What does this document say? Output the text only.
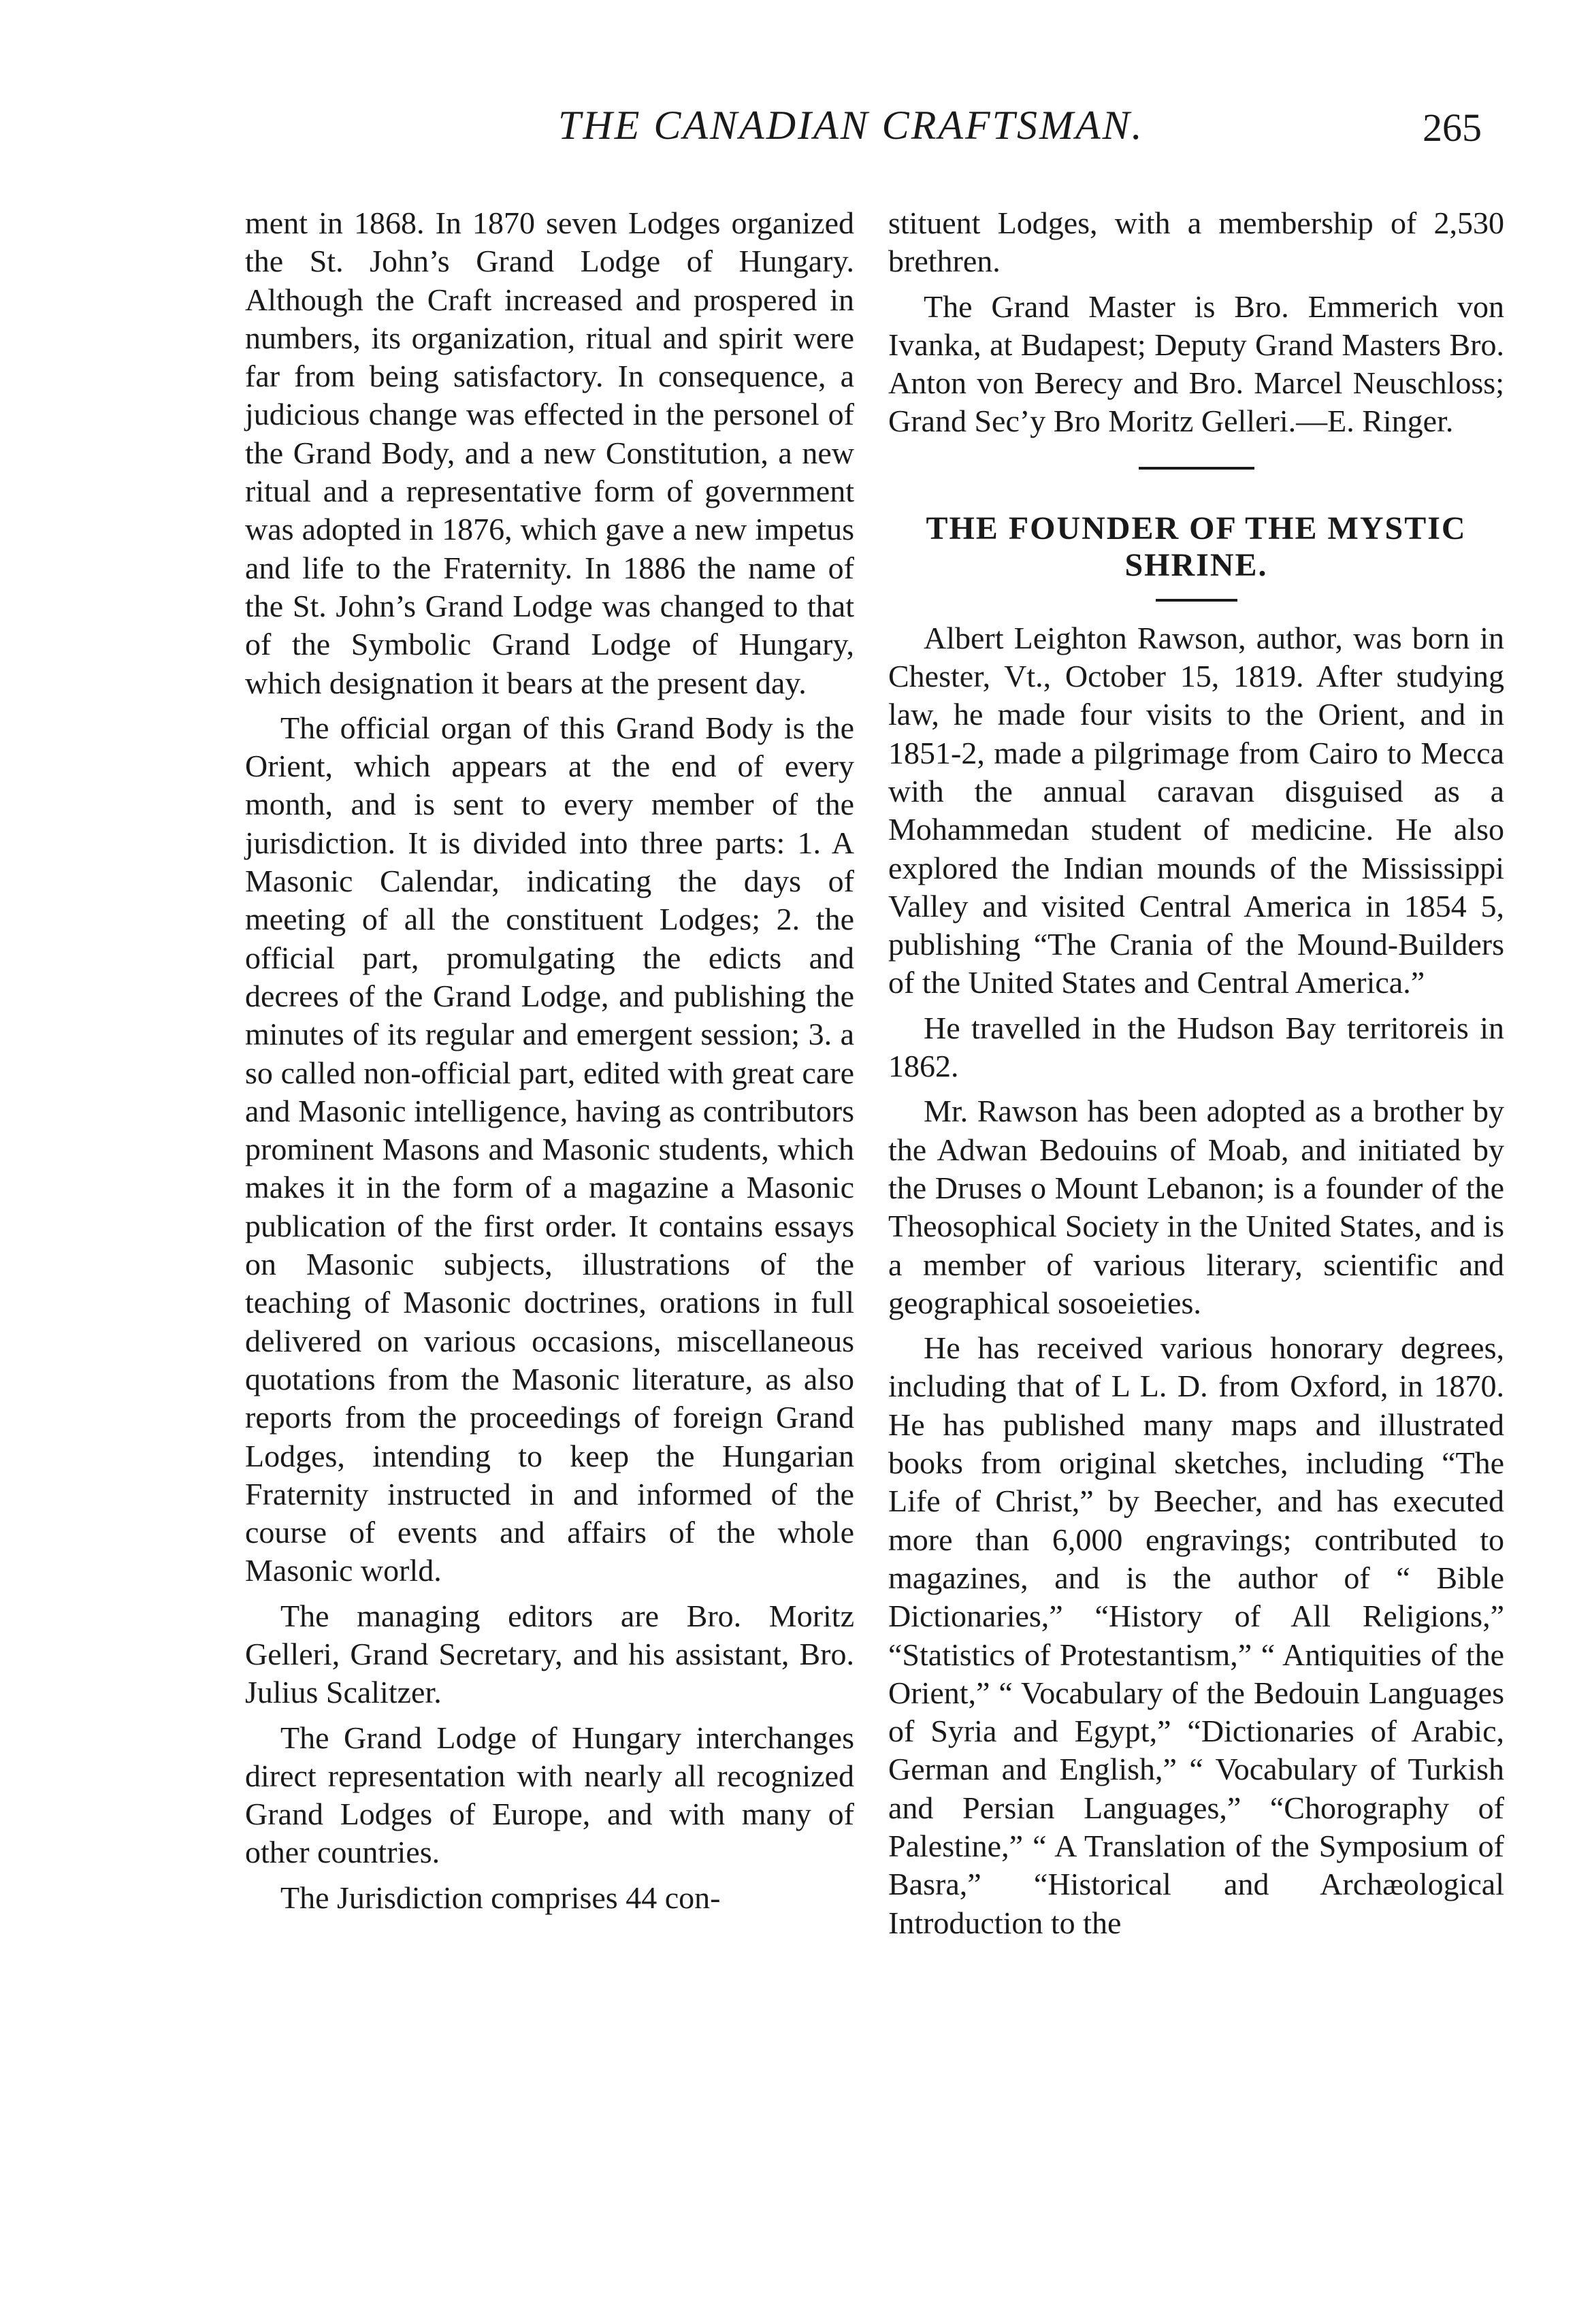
THE CANADIAN CRAFTSMAN.	265

ment in 1868. In 1870 seven Lodges organized the St. John’s Grand Lodge of Hungary. Although the Craft increased and prospered in numbers, its organization, ritual and spirit were far from being satisfactory. In consequence, a judicious change was effected in the personel of the Grand Body, and a new Constitution, a new ritual and a representative form of government was adopted in 1876, which gave a new impetus and life to the Fraternity. In 1886 the name of the St. John’s Grand Lodge was changed to that of the Symbolic Grand Lodge of Hungary, which designation it bears at the present day.

The official organ of this Grand Body is the Orient, which appears at the end of every month, and is sent to every member of the jurisdiction. It is divided into three parts: 1. A Masonic Calendar, indicating the days of meeting of all the constituent Lodges; 2. the official part, promulgating the edicts and decrees of the Grand Lodge, and publishing the minutes of its regular and emergent session; 3. a so called non-official part, edited with great care and Masonic intelligence, having as contributors prominent Masons and Masonic students, which makes it in the form of a magazine a Masonic publication of the first order. It contains essays on Masonic subjects, illustrations of the teaching of Masonic doctrines, orations in full delivered on various occasions, miscellaneous quotations from the Masonic literature, as also reports from the proceedings of foreign Grand Lodges, intending to keep the Hungarian Fraternity instructed in and informed of the course of events and affairs of the whole Masonic world.

The managing editors are Bro. Moritz Gelleri, Grand Secretary, and his assistant, Bro. Julius Scalitzer.

The Grand Lodge of Hungary interchanges direct representation with nearly all recognized Grand Lodges of Europe, and with many of other countries.

The Jurisdiction comprises 44 con-

stituent Lodges, with a membership of 2,530 brethren.

The Grand Master is Bro. Emmerich von Ivanka, at Budapest; Deputy Grand Masters Bro. Anton von Berecy and Bro. Marcel Neuschloss; Grand Sec’y Bro Moritz Gelleri.—E. Ringer.

THE FOUNDER OF THE MYSTIC SHRINE.

Albert Leighton Rawson, author, was born in Chester, Vt., October 15, 1819. After studying law, he made four visits to the Orient, and in 1851-2, made a pilgrimage from Cairo to Mecca with the annual caravan disguised as a Mohammedan student of medicine. He also explored the Indian mounds of the Mississippi Valley and visited Central America in 1854 5, publishing “The Crania of the Mound-Builders of the United States and Central America.”

He travelled in the Hudson Bay territoreis in 1862.

Mr. Rawson has been adopted as a brother by the Adwan Bedouins of Moab, and initiated by the Druses o Mount Lebanon; is a founder of the Theosophical Society in the United States, and is a member of various literary, scientific and geographical sosoeieties.

He has received various honorary degrees, including that of L L. D. from Oxford, in 1870. He has published many maps and illustrated books from original sketches, including “The Life of Christ,” by Beecher, and has executed more than 6,000 engravings; contributed to magazines, and is the author of “ Bible Dictionaries,” “History of All Religions,” “Statistics of Protestantism,” “ Antiquities of the Orient,” “ Vocabulary of the Bedouin Languages of Syria and Egypt,” “Dictionaries of Arabic, German and English,” “ Vocabulary of Turkish and Persian Languages,” “Chorography of Palestine,” “ A Translation of the Symposium of Basra,” “Historical and Archæological Introduction to the
